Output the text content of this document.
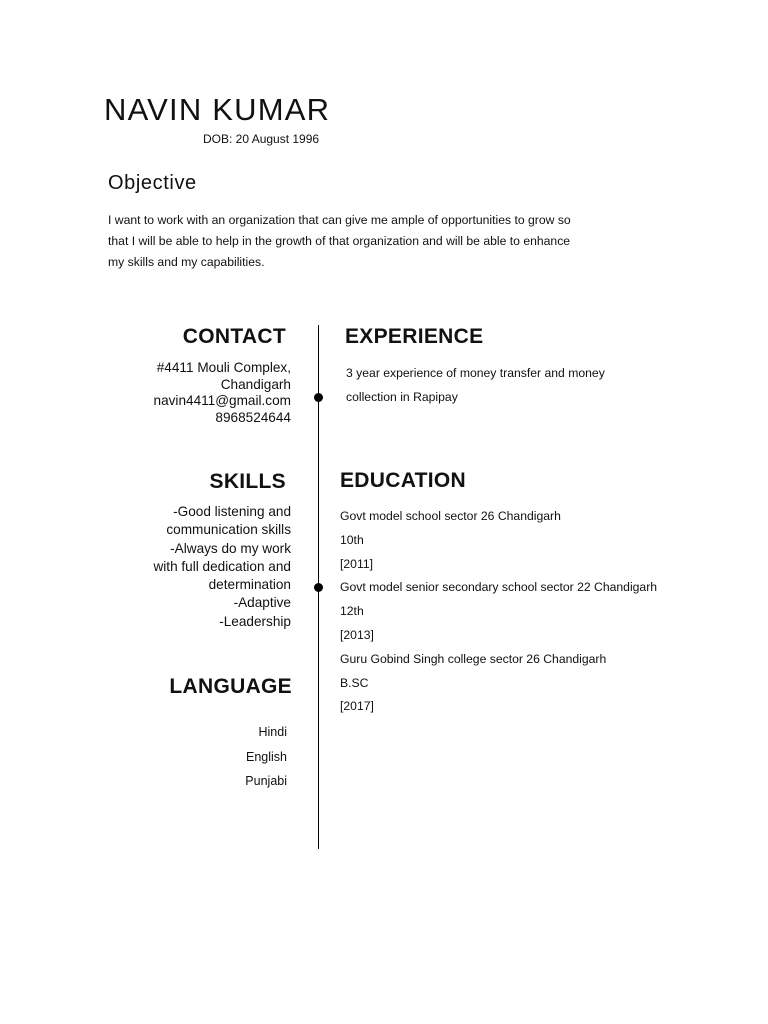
NAVIN KUMAR
DOB: 20 August 1996
Objective
I want to work with an organization that can give me ample of opportunities to grow so
that I will be able to help in the growth of that organization and will be able to enhance
my skills and my capabilities.
CONTACT
#4411 Mouli Complex,
Chandigarh
navin4411@gmail.com
8968524644
SKILLS
-Good listening and
communication skills
-Always do my work
with full dedication and
determination
-Adaptive
-Leadership
LANGUAGE
Hindi
English
Punjabi
EXPERIENCE
3 year experience of money transfer and money
collection in Rapipay
EDUCATION
Govt model school sector 26 Chandigarh
10th
[2011]
Govt model senior secondary school sector 22 Chandigarh
12th
[2013]
Guru Gobind Singh college sector 26 Chandigarh
B.SC
[2017]
